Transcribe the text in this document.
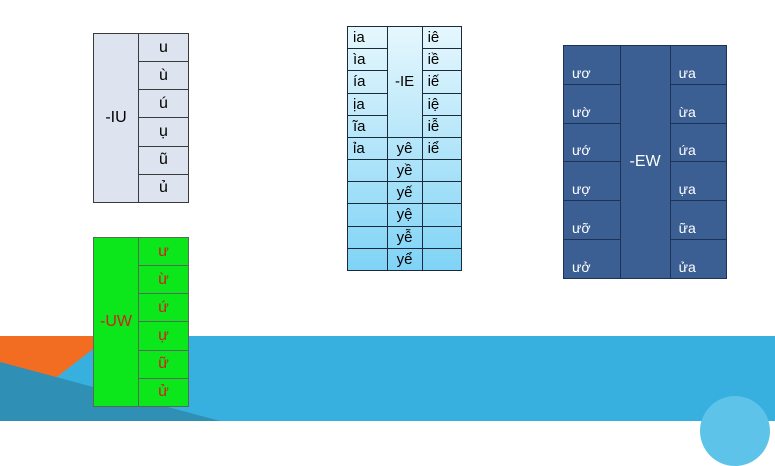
-IU	u
ù
ú
ụ
ũ
ủ
-UW	ư
ừ
ứ
ự
ữ
ử
ia	-IE	iê
ìa		iề
ía		iế
ịa		iệ
ĩa		iễ
ỉa	yê	iể
	yề	
	yế	
	yệ	
	yễ	
	yể	
ươ	-EW	ưa
ườ		ừa
ướ		ứa
ượ		ựa
ưỡ		ữa
ưở		ửa
